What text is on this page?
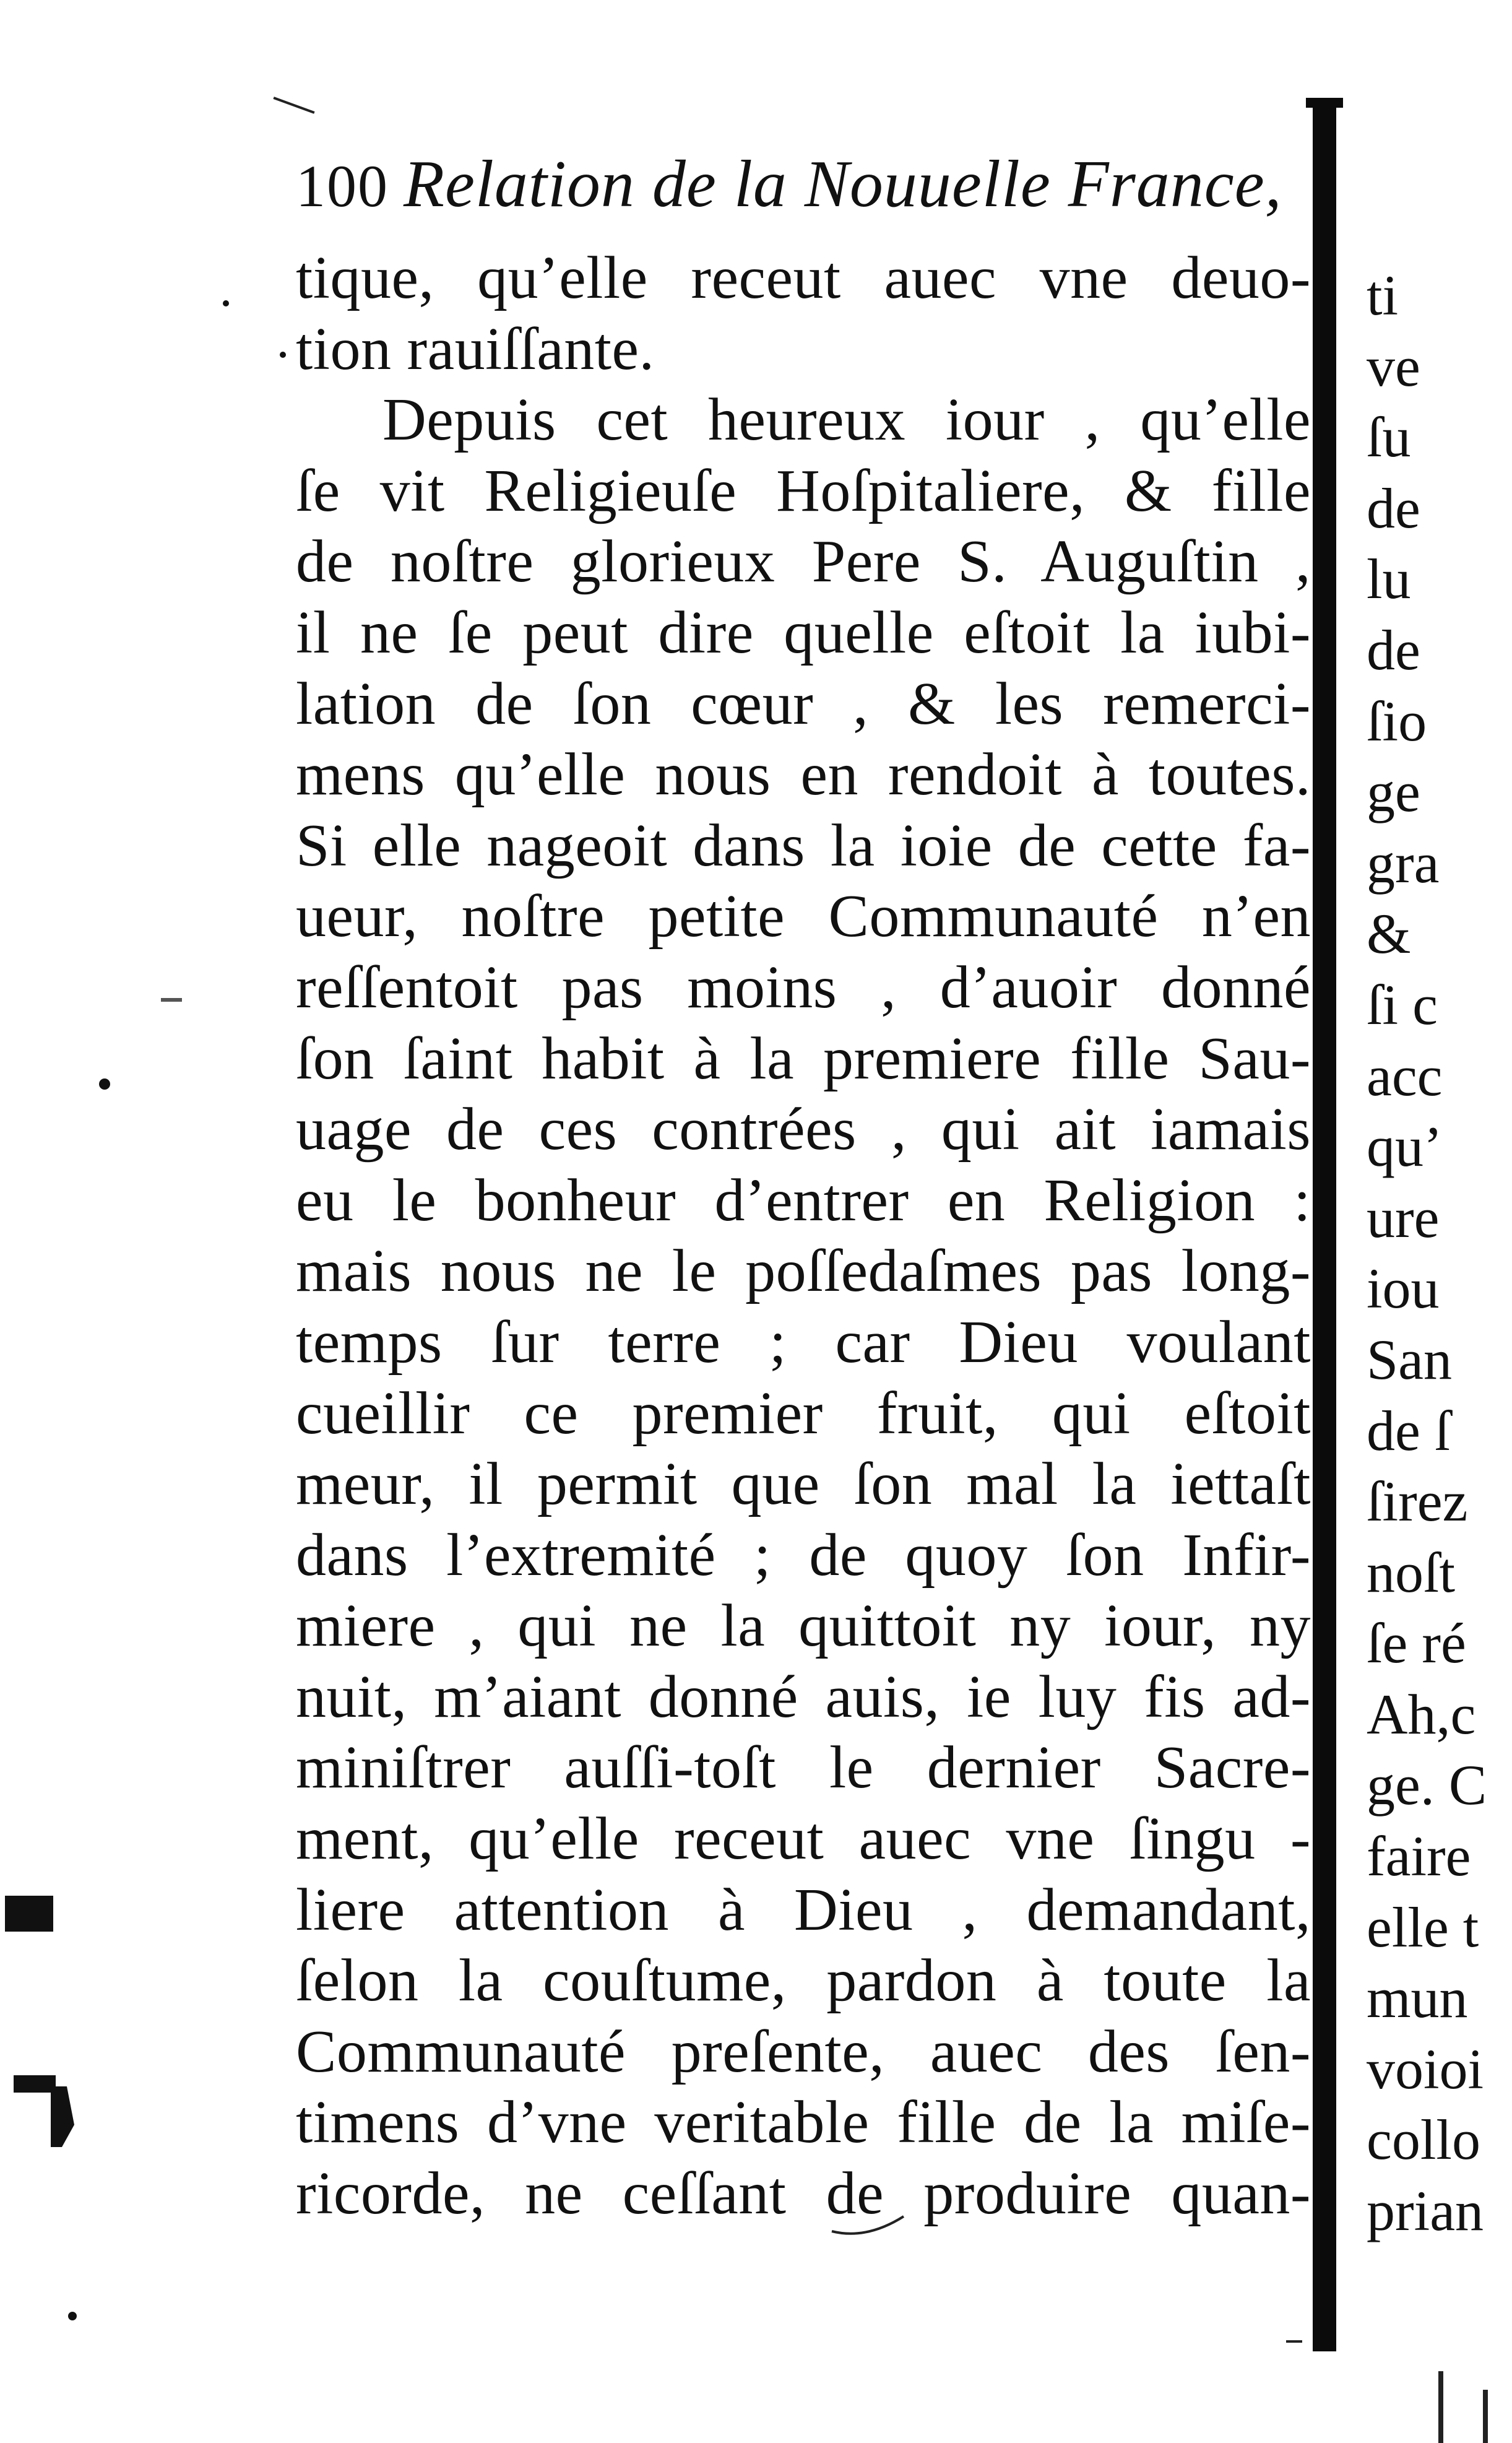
100 Relation de la Nouuelle France,
tique, qu’elle receut auec vne deuo-
tion rauiſſante.
Depuis cet heureux iour , qu’elle
ſe vit Religieuſe Hoſpitaliere, & fille
de noſtre glorieux Pere S. Auguſtin ,
il ne ſe peut dire quelle eſtoit la iubi-
lation de ſon cœur , & les remerci-
mens qu’elle nous en rendoit à toutes.
Si elle nageoit dans la ioie de cette fa-
ueur, noſtre petite Communauté n’en
reſſentoit pas moins , d’auoir donné
ſon ſaint habit à la premiere fille Sau-
uage de ces contrées , qui ait iamais
eu le bonheur d’entrer en Religion :
mais nous ne le poſſedaſmes pas long-
temps ſur terre ; car Dieu voulant
cueillir ce premier fruit, qui eſtoit
meur, il permit que ſon mal la iettaſt
dans l’extremité ; de quoy ſon Infir-
miere , qui ne la quittoit ny iour, ny
nuit, m’aiant donné auis, ie luy fis ad-
miniſtrer auſſi-toſt le dernier Sacre-
ment, qu’elle receut auec vne ſingu -
liere attention à Dieu , demandant,
ſelon la couſtume, pardon à toute la
Communauté preſente, auec des ſen-
timens d’vne veritable fille de la miſe-
ricorde, ne ceſſant de produire quan-
ti
ve
ſu
de
lu
de
ſio
ge
gra
&
ſi c
acc
qu’
ure
iou
San
de ſ
ſirez
noſt
ſe ré
Ah,c
ge. C
faire
elle t
mun
voioi
collo
prian
